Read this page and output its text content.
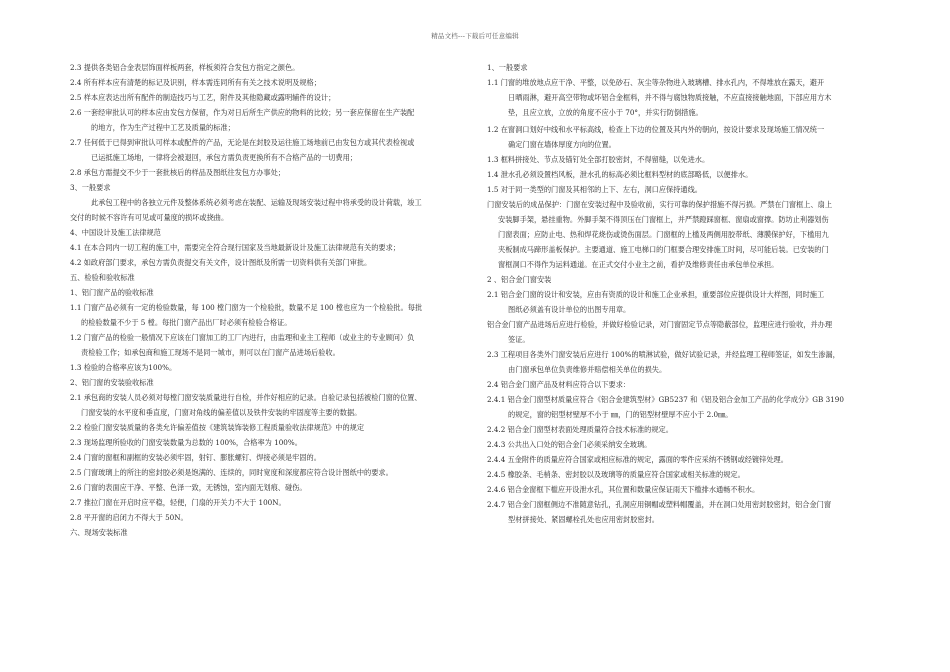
精品文档---下载后可任意编辑

2.3 提供各类铝合金表层饰面样板两套，样板须符合发包方指定之颜色。

2.4 所有样本应有清楚的标记及识别，样本需连同所有有关之技术说明及规格；

2.5 样本应表达出所有配件的制造技巧与工艺，附件及其他隐藏或露明辅件的设计；

2.6 一套经审批认可的样本应由发包方保留，作为对日后所生产供应的物料的比较；另一套应保留在生产装配

的地方，作为生产过程中工艺及质量的标准；

2.7 任何低于已得到审批认可样本或配件的产品，无论是在封胶及运往施工场地前已由发包方或其代表检视或

已运抵施工场地，一律将会被退回，承包方需负责更换所有不合格产品的一切费用；

2.8 承包方需提交不少于一套批核后的样品及图纸往发包方办事处；

3、一般要求

此承包工程中的各独立元件及整体系统必须考虑在装配、运输及现场安装过程中将承受的设计荷载，竣工

交付的时候不容许有可见或可量度的损坏或挠曲。

4、中国设计及施工法律规范

4.1 在本合同内一切工程的施工中，需要完全符合现行国家及当地最新设计及施工法律规范有关的要求；

4.2 如政府部门要求，承包方需负责提交有关文件，设计图纸及所需一切资料供有关部门审批。

五、检验和验收标准

1、铝门窗产品的验收标准

1.1 门窗产品必须有一定的检验数量，每 100 樘门窗为一个检验批，数量不足 100 樘也应为一个检验批。每批

的检验数量不少于 5 樘。每批门窗产品出厂时必须有检验合格证。

1.2 门窗产品的检验一般情况下应该在门窗加工的工厂内进行，由监理和业主工程师（或业主的专业顾问）负

责检验工作；如承包商和施工现场不是同一城市，则可以在门窗产品进场后验收。

1.3 检验的合格率应该为100%。

2、铝门窗的安装验收标准

2.1 承包商的安装人员必须对每樘门窗安装质量进行自检，并作好相应的记录。自验记录包括被检门窗的位置、

门窗安装的水平度和垂直度，门窗对角线的偏差值以及铁件安装的牢固度等主要的数据。

2.2 检验门窗安装质量的各类允许偏差值按《建筑装饰装修工程质量验收法律规范》中的规定

2.3 现场监理所验收的门窗安装数量为总数的 100%，合格率为 100%。

2.4 门窗的窗框和副框的安装必须牢固，射钉、膨胀螺钉、焊接必须是牢固的。

2.5 门窗玻璃上的所注的密封胶必须是饱满的、连续的，同时宽度和深度都应符合设计图纸中的要求。

2.6 门窗的表面应干净、平整、色泽一致，无锈蚀，室内面无划痕、碰伤。

2.7 推拉门窗在开启时应平稳，轻便，门扇的开关力不大于 100N。

2.8 平开窗的启闭力不得大于 50N。

六、现场安装标准

1、一般要求

1.1 门窗的堆放地点应干净、平整，以免砂石、灰尘等杂物进入玻璃槽、排水孔内，不得堆放在露天，避开

日晒雨淋，避开高空带物或坏铝合金框料，并不得与腐蚀物质接触，不应直接接触地面，下部应用方木

垫，且应立放，立放的角度不应小于 70°，并实行防倒措施。

1.2 在窗洞口划好中线和水平标高线，检查上下边的位置及其内外的朝向，按设计要求及现场施工情况统一

确定门窗在墙体厚度方向的位置。

1.3 框料拼接处、节点及锚钉处全部打胶密封，不得留缝，以免进水。

1.4 泄水孔必须设置档风板，泄水孔的标高必须比框料型材的底部略低，以便排水。

1.5 对于同一类型的门窗及其相邻的上下、左右，洞口应保持通线。

门窗安装后的成品保护：门窗在安装过程中及验收前，实行可靠的保护措施不得污损。严禁在门窗框上、扇上

安装脚手架，悬挂重物。外脚手架不得顶压在门窗框上，并严禁蹬踩窗框、窗扇或窗撑。防坊止利器划伤

门窗表面；应防止电、热和焊花烧伤或烫伤面层。门窗框的上槛及两侧用胶带纸、薄膜保护好，下槛用九

夹板制成马蹄形盖板保护。主要通道、施工电梯口的门框要合理安排施工时间，尽可能后装。已安装的门

窗框洞口不得作为运料通道。在正式交付小业主之前，看护及维修责任由承包单位承担。

2 、铝合金门窗安装

2.1 铝合金门窗的设计和安装，应由有资质的设计和施工企业承担，重要部位应提供设计大样图，同时施工

图纸必须盖有设计单位的出图专用章。

铝合金门窗产品进场后应进行检验，并做好检验记录，对门窗固定节点等隐蔽部位，监理应进行验收，并办理

签证。

2.3 工程项目各类外门窗安装后应进行 100%的喷淋试验，做好试验记录，并经监理工程师签证，如发生渗漏，

由门窗承包单位负责维修并赔偿相关单位的损失。

2.4 铝合金门窗产品及材料应符合以下要求：

2.4.1 铝合金门窗型材质量应符合《铝合金建筑型材》GB5237 和《铝及铝合金加工产品的化学成分》GB 3190

的规定，窗的铝型材壁厚不小于 ㎜，门的铝型材壁厚不应小于 2.0㎜。

2.4.2 铝合金门窗型材表面处理质量符合技术标准的规定。

2.4.3 公共出入口处的铝合金门必须采纳安全玻璃。

2.4.4 五金附件的质量应符合国家或相应标准的规定，露面的零件应采纳不锈钢或经镀锌处理。

2.4.5 橡胶条、毛梢条、密封胶以及玻璃等的质量应符合国家或相关标准的规定。

2.4.6 铝合金窗框下槛应开设泄水孔，其位置和数量应保证雨天下槛排水通畅不积水。

2.4.7 铝合金门窗框侧边不准随意钻孔，孔洞应用铜帽或塑料帽覆盖，并在洞口处用密封胶密封，铝合金门窗

型材拼接处、紧固螺栓孔处也应用密封胶密封。
